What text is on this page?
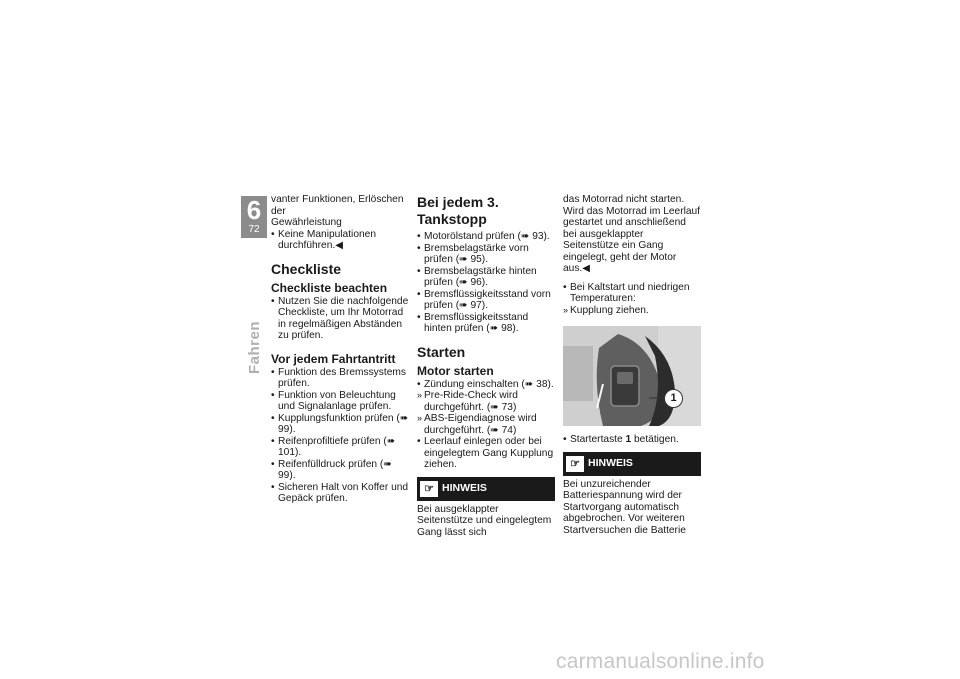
6
72
Fahren

vanter Funktionen, Erlöschen der

Gewährleistung

• Keine Manipulationen durchführen.◀
Checkliste
Checkliste beachten
• Nutzen Sie die nachfolgende Checkliste, um Ihr Motorrad in regelmäßigen Abständen zu prüfen.
Vor jedem Fahrtantritt
• Funktion des Bremssystems prüfen.
• Funktion von Beleuchtung und Signalanlage prüfen.
• Kupplungsfunktion prüfen (➠ 99).
• Reifenprofiltiefe prüfen (➠ 101).
• Reifenfülldruck prüfen (➠ 99).
• Sicheren Halt von Koffer und Gepäck prüfen.
Bei jedem 3. Tankstopp
• Motorölstand prüfen (➠ 93).
• Bremsbelagstärke vorn prüfen (➠ 95).
• Bremsbelagstärke hinten prüfen (➠ 96).
• Bremsflüssigkeitsstand vorn prüfen (➠ 97).
• Bremsflüssigkeitsstand hinten prüfen (➠ 98).
Starten
Motor starten
• Zündung einschalten (➠ 38).
» Pre-Ride-Check wird durchgeführt. (➠ 73)
» ABS-Eigendiagnose wird durchgeführt. (➠ 74)
• Leerlauf einlegen oder bei eingelegtem Gang Kupplung ziehen.
☞ HINWEIS

Bei ausgeklappter Seitenstütze und eingelegtem Gang lässt sich

das Motorrad nicht starten. Wird das Motorrad im Leerlauf gestartet und anschließend bei ausgeklappter Seitenstütze ein Gang eingelegt, geht der Motor aus.◀

• Bei Kaltstart und niedrigen Temperaturen:
» Kupplung ziehen.
1
• Startertaste 1 betätigen.
☞ HINWEIS

Bei unzureichender Batteriespannung wird der Startvorgang automatisch abgebrochen. Vor weiteren Startversuchen die Batterie

carmanualsonline.info
